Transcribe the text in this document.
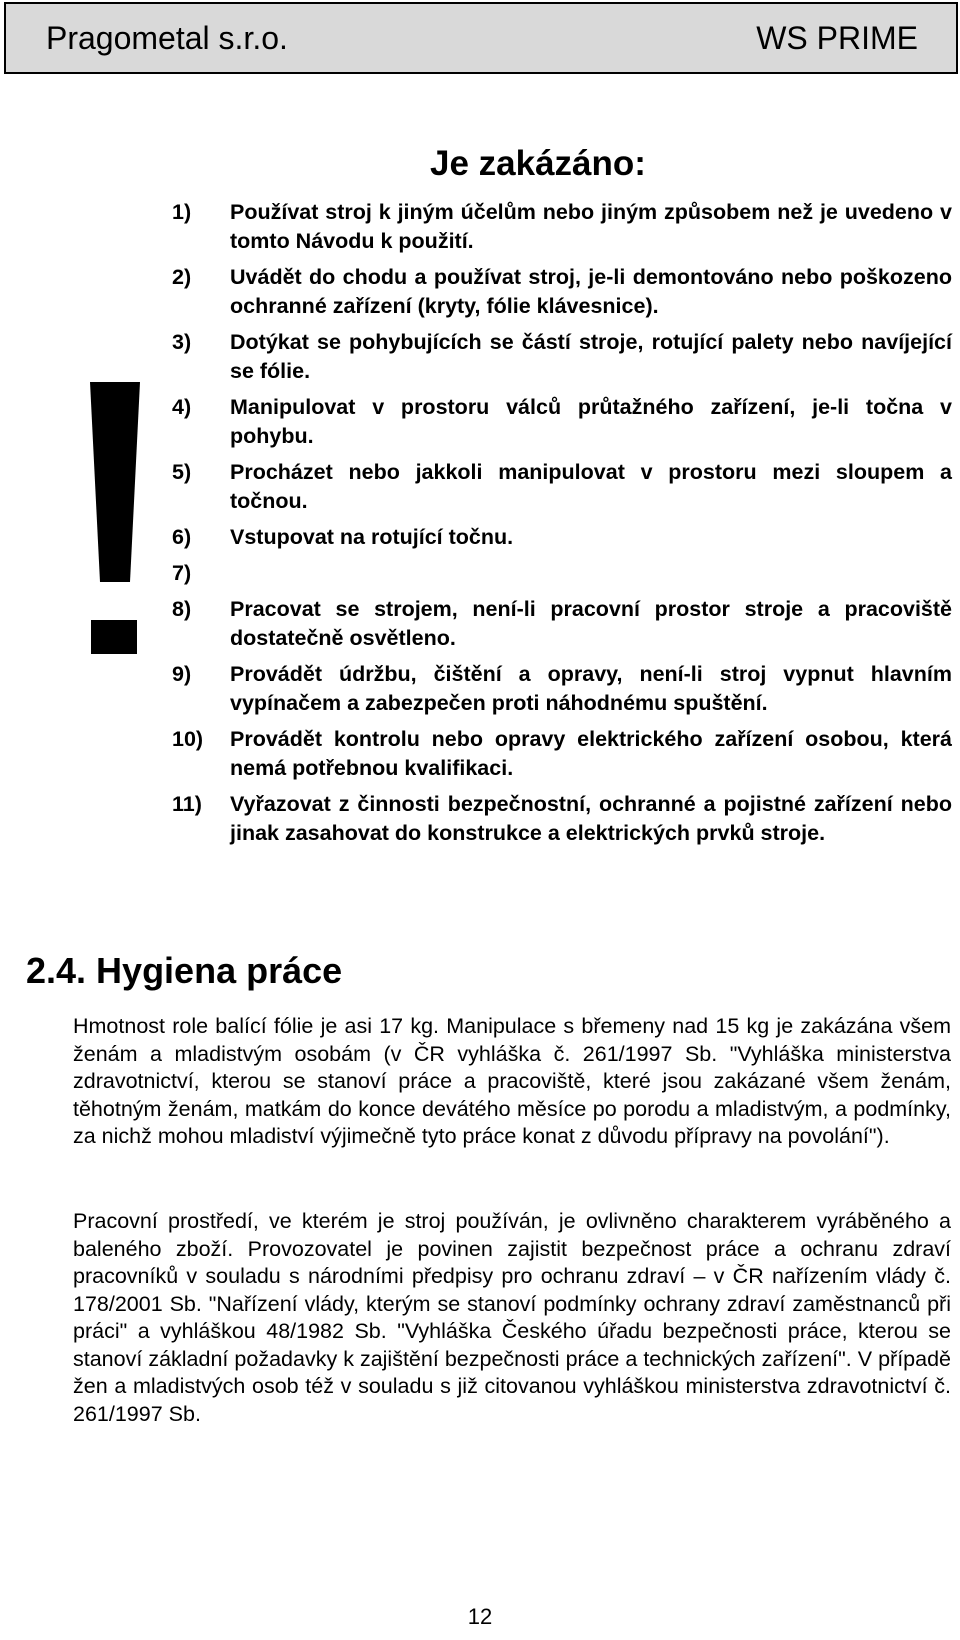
Pragometal s.r.o.	WS PRIME
Je zakázáno:
1)	Používat stroj k jiným účelům nebo jiným způsobem než je uvedeno v tomto Návodu k použití.
2)	Uvádět do chodu a používat stroj, je-li demontováno nebo poškozeno ochranné zařízení (kryty, fólie klávesnice).
3)	Dotýkat se pohybujících se částí stroje, rotující palety nebo navíjející se fólie.
4)	Manipulovat v prostoru válců průtažného zařízení, je-li točna v pohybu.
5)	Procházet nebo jakkoli manipulovat v prostoru mezi sloupem a točnou.
6)	Vstupovat na rotující točnu.
7)
8)	Pracovat se strojem, není-li pracovní prostor stroje a pracoviště dostatečně osvětleno.
9)	Provádět údržbu, čištění a opravy, není-li stroj vypnut hlavním vypínačem a zabezpečen proti náhodnému spuštění.
10)	Provádět kontrolu nebo opravy elektrického zařízení osobou, která nemá potřebnou kvalifikaci.
11)	Vyřazovat z činnosti bezpečnostní, ochranné a pojistné zařízení nebo jinak zasahovat do konstrukce a elektrických prvků stroje.
2.4. Hygiena práce
Hmotnost role balící fólie je asi 17 kg. Manipulace s břemeny nad 15 kg je zakázána všem ženám a mladistvým osobám (v ČR vyhláška č. 261/1997 Sb. "Vyhláška ministerstva zdravotnictví, kterou se stanoví práce a pracoviště, které jsou zakázané všem ženám, těhotným ženám, matkám do konce devátého měsíce po porodu a mladistvým, a podmínky, za nichž mohou mladiství výjimečně tyto práce konat z důvodu přípravy na povolání").
Pracovní prostředí, ve kterém je stroj používán, je ovlivněno charakterem vyráběného a baleného zboží. Provozovatel je povinen zajistit bezpečnost práce a ochranu zdraví pracovníků v souladu s národními předpisy pro ochranu zdraví – v ČR nařízením vlády č. 178/2001 Sb. "Nařízení vlády, kterým se stanoví podmínky ochrany zdraví zaměstnanců při práci" a vyhláškou 48/1982 Sb. "Vyhláška Českého úřadu bezpečnosti práce, kterou se stanoví základní požadavky k zajištění bezpečnosti práce a technických zařízení". V případě žen a mladistvých osob též v souladu s již citovanou vyhláškou ministerstva zdravotnictví č. 261/1997 Sb.
12
